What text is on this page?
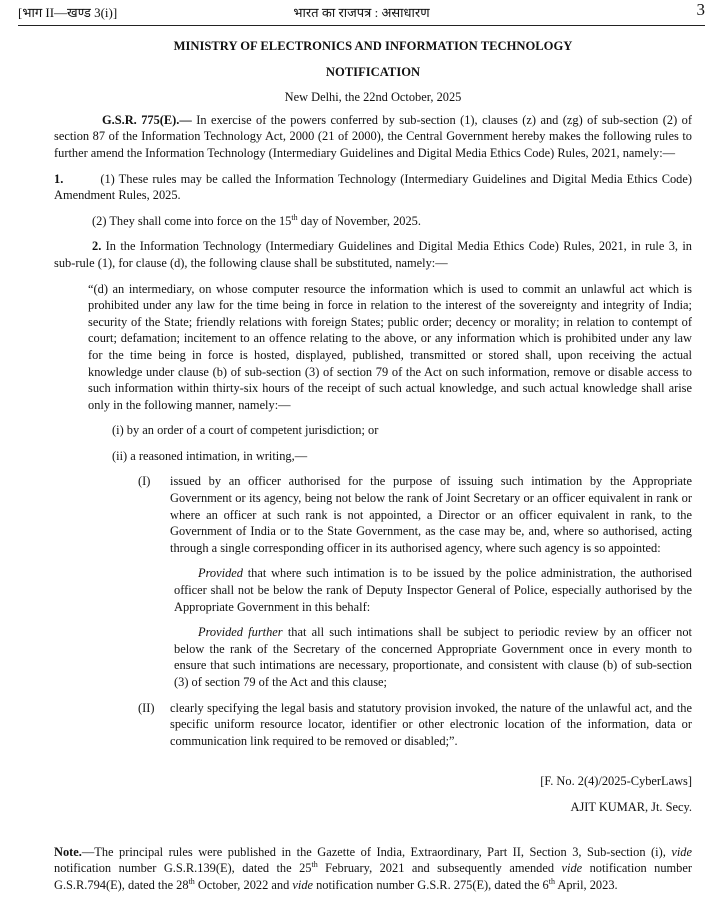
[भाग II—खण्ड 3(i)]	भारत का राजपत्र : असाधारण	3

MINISTRY OF ELECTRONICS AND INFORMATION TECHNOLOGY

NOTIFICATION

New Delhi, the 22nd October, 2025

G.S.R. 775(E).— In exercise of the powers conferred by sub-section (1), clauses (z) and (zg) of sub-section (2) of section 87 of the Information Technology Act, 2000 (21 of 2000), the Central Government hereby makes the following rules to further amend the Information Technology (Intermediary Guidelines and Digital Media Ethics Code) Rules, 2021, namely:—

1.	(1) These rules may be called the Information Technology (Intermediary Guidelines and Digital Media Ethics Code) Amendment Rules, 2025.

(2) They shall come into force on the 15th day of November, 2025.

2. In the Information Technology (Intermediary Guidelines and Digital Media Ethics Code) Rules, 2021, in rule 3, in sub-rule (1), for clause (d), the following clause shall be substituted, namely:—

“(d) an intermediary, on whose computer resource the information which is used to commit an unlawful act which is prohibited under any law for the time being in force in relation to the interest of the sovereignty and integrity of India; security of the State; friendly relations with foreign States; public order; decency or morality; in relation to contempt of court; defamation; incitement to an offence relating to the above, or any information which is prohibited under any law for the time being in force is hosted, displayed, published, transmitted or stored shall, upon receiving the actual knowledge under clause (b) of sub-section (3) of section 79 of the Act on such information, remove or disable access to such information within thirty-six hours of the receipt of such actual knowledge, and such actual knowledge shall arise only in the following manner, namely:—

(i) by an order of a court of competent jurisdiction; or

(ii) a reasoned intimation, in writing,—

(I)	issued by an officer authorised for the purpose of issuing such intimation by the Appropriate Government or its agency, being not below the rank of Joint Secretary or an officer equivalent in rank or where an officer at such rank is not appointed, a Director or an officer equivalent in rank, to the Government of India or to the State Government, as the case may be, and, where so authorised, acting through a single corresponding officer in its authorised agency, where such agency is so appointed:

Provided that where such intimation is to be issued by the police administration, the authorised officer shall not be below the rank of Deputy Inspector General of Police, especially authorised by the Appropriate Government in this behalf:

Provided further that all such intimations shall be subject to periodic review by an officer not below the rank of the Secretary of the concerned Appropriate Government once in every month to ensure that such intimations are necessary, proportionate, and consistent with clause (b) of sub-section (3) of section 79 of the Act and this clause;

(II)	clearly specifying the legal basis and statutory provision invoked, the nature of the unlawful act, and the specific uniform resource locator, identifier or other electronic location of the information, data or communication link required to be removed or disabled;”.

[F. No. 2(4)/2025-CyberLaws]

AJIT KUMAR, Jt. Secy.

Note.—The principal rules were published in the Gazette of India, Extraordinary, Part II, Section 3, Sub-section (i), vide notification number G.S.R.139(E), dated the 25th February, 2021 and subsequently amended vide notification number G.S.R.794(E), dated the 28th October, 2022 and vide notification number G.S.R. 275(E), dated the 6th April, 2023.
